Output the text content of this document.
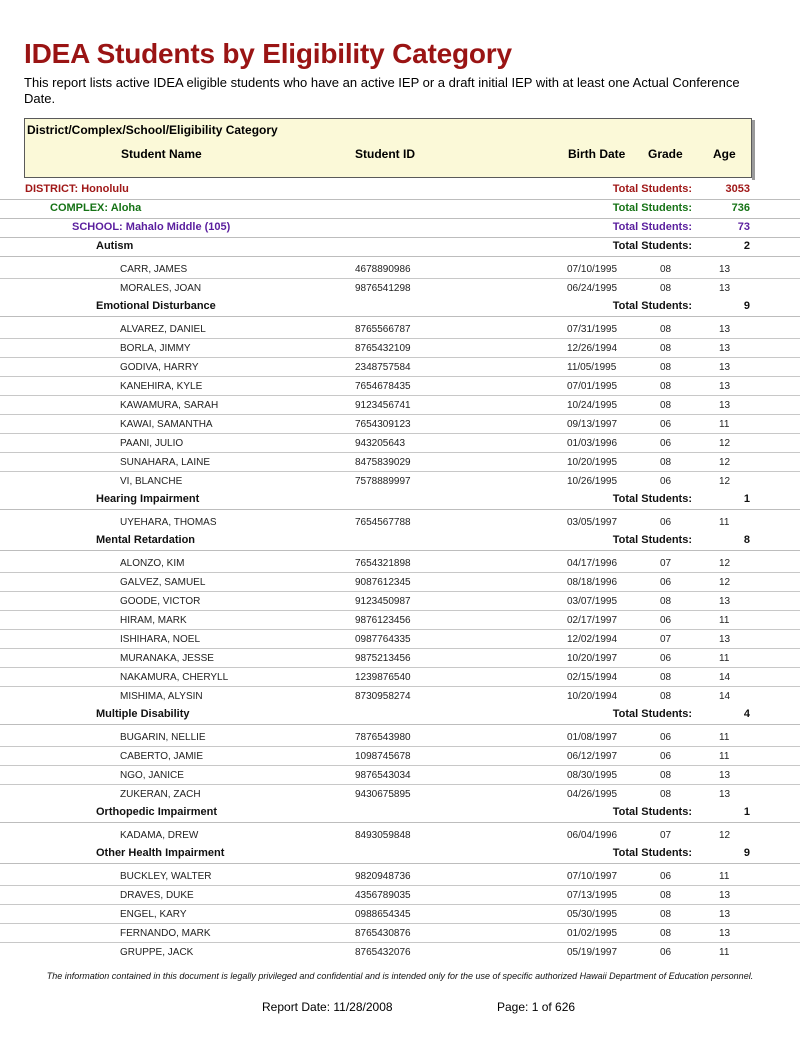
IDEA Students by Eligibility Category

This report lists active IDEA eligible students who have an active IEP or a draft initial IEP with at least one Actual Conference Date.

District/Complex/School/Eligibility Category
Student Name	Student ID	Birth Date Grade	Age
DISTRICT: Honolulu	Total Students:	3053
COMPLEX: Aloha	Total Students:	736
SCHOOL: Mahalo Middle (105)	Total Students:	73
Autism	Total Students:	2
CARR, JAMES	4678890986	07/10/1995	08	13
MORALES, JOAN	9876541298	06/24/1995	08	13
Emotional Disturbance	Total Students:	9
ALVAREZ, DANIEL	8765566787	07/31/1995	08	13
BORLA, JIMMY	8765432109	12/26/1994	08	13
GODIVA, HARRY	2348757584	11/05/1995	08	13
KANEHIRA, KYLE	7654678435	07/01/1995	08	13
KAWAMURA, SARAH	9123456741	10/24/1995	08	13
KAWAI, SAMANTHA	7654309123	09/13/1997	06	11
PAANI, JULIO	943205643	01/03/1996	06	12
SUNAHARA, LAINE	8475839029	10/20/1995	08	12
VI, BLANCHE	7578889997	10/26/1995	06	12
Hearing Impairment	Total Students:	1
UYEHARA, THOMAS	7654567788	03/05/1997	06	11
Mental Retardation	Total Students:	8
ALONZO, KIM	7654321898	04/17/1996	07	12
GALVEZ, SAMUEL	9087612345	08/18/1996	06	12
GOODE, VICTOR	9123450987	03/07/1995	08	13
HIRAM, MARK	9876123456	02/17/1997	06	11
ISHIHARA, NOEL	0987764335	12/02/1994	07	13
MURANAKA, JESSE	9875213456	10/20/1997	06	11
NAKAMURA, CHERYLL	1239876540	02/15/1994	08	14
MISHIMA, ALYSIN	8730958274	10/20/1994	08	14
Multiple Disability	Total Students:	4
BUGARIN, NELLIE	7876543980	01/08/1997	06	11
CABERTO, JAMIE	1098745678	06/12/1997	06	11
NGO, JANICE	9876543034	08/30/1995	08	13
ZUKERAN, ZACH	9430675895	04/26/1995	08	13
Orthopedic Impairment	Total Students:	1
KADAMA, DREW	8493059848	06/04/1996	07	12
Other Health Impairment	Total Students:	9
BUCKLEY, WALTER	9820948736	07/10/1997	06	11
DRAVES, DUKE	4356789035	07/13/1995	08	13
ENGEL, KARY	0988654345	05/30/1995	08	13
FERNANDO, MARK	8765430876	01/02/1995	08	13
GRUPPE, JACK	8765432076	05/19/1997	06	11

The information contained in this document is legally privileged and confidential and is intended only for the use of specific authorized Hawaii Department of Education personnel.

Report Date: 11/28/2008	Page: 1 of 626
